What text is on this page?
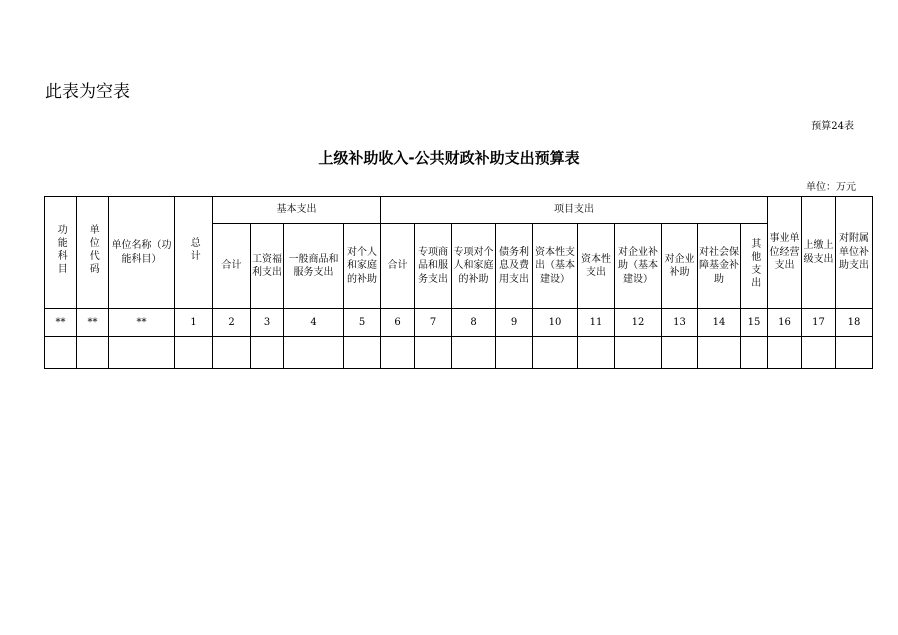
此表为空表
预算24表
上级补助收入-公共财政补助支出预算表
单位：万元
功能科目	单位代码	单位名称（功能科目）	总计	基本支出				项目支出										事业单位经营支出	上缴上级支出	对附属单位补助支出
				合计	工资福利支出	一般商品和服务支出	对个人和家庭的补助	合计	专项商品和服务支出	专项对个人和家庭的补助	债务利息及费用支出	资本性支出（基本建设）	资本性支出	对企业补助（基本建设）	对企业补助	对社会保障基金补助	其他支出			
**	**	**	1	2	3	4	5	6	7	8	9	10	11	12	13	14	15	16	17	18
